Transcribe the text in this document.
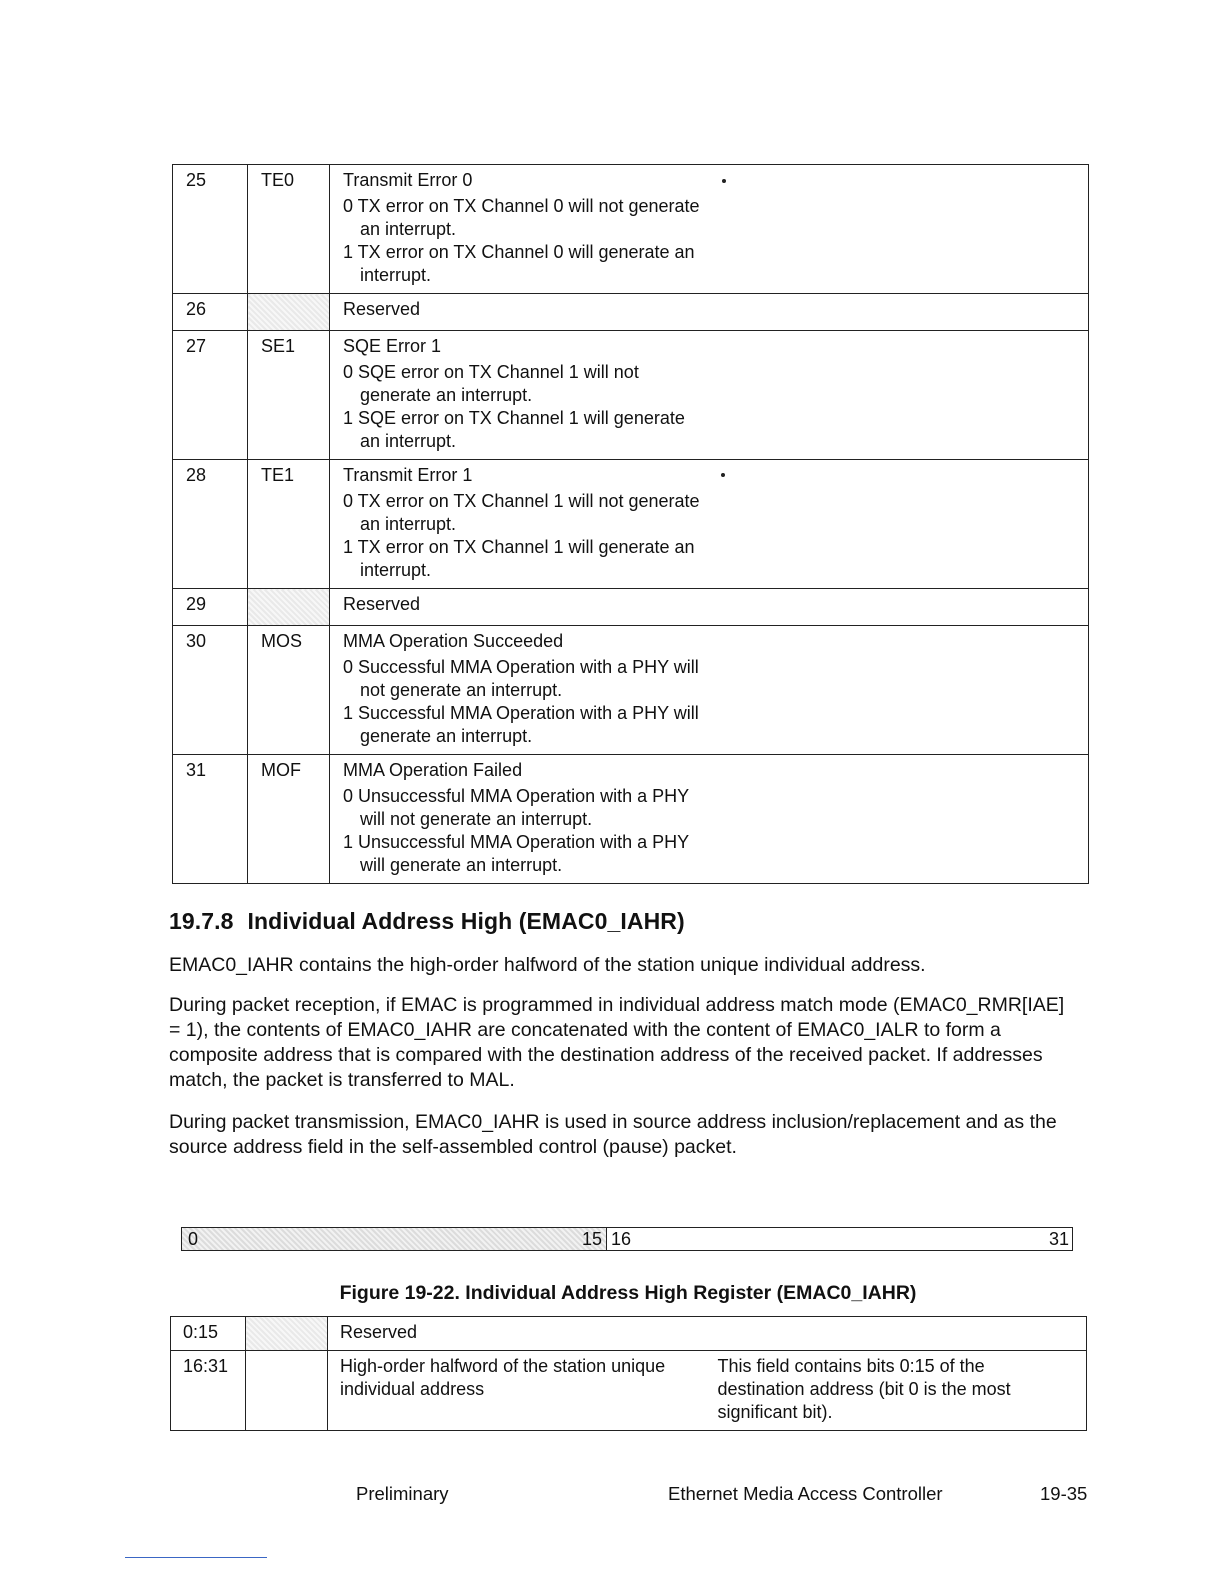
25	TE0	Transmit Error 0
0 TX error on TX Channel 0 will not generate an interrupt.
1 TX error on TX Channel 0 will generate an interrupt.

26		Reserved

27	SE1	SQE Error 1
0 SQE error on TX Channel 1 will not generate an interrupt.
1 SQE error on TX Channel 1 will generate an interrupt.

28	TE1	Transmit Error 1
0 TX error on TX Channel 1 will not generate an interrupt.
1 TX error on TX Channel 1 will generate an interrupt.

29		Reserved

30	MOS	MMA Operation Succeeded
0 Successful MMA Operation with a PHY will not generate an interrupt.
1 Successful MMA Operation with a PHY will generate an interrupt.

31	MOF	MMA Operation Failed
0 Unsuccessful MMA Operation with a PHY will not generate an interrupt.
1 Unsuccessful MMA Operation with a PHY will generate an interrupt.
19.7.8 Individual Address High (EMAC0_IAHR)

EMAC0_IAHR contains the high-order halfword of the station unique individual address.

During packet reception, if EMAC is programmed in individual address match mode (EMAC0_RMR[IAE] = 1), the contents of EMAC0_IAHR are concatenated with the content of EMAC0_IALR to form a composite address that is compared with the destination address of the received packet. If addresses match, the packet is transferred to MAL.

During packet transmission, EMAC0_IAHR is used in source address inclusion/replacement and as the source address field in the self-assembled control (pause) packet.

0	15 16	31
Figure 19-22. Individual Address High Register (EMAC0_IAHR)
0:15		Reserved	
16:31		High-order halfword of the station unique individual address	This field contains bits 0:15 of the destination address (bit 0 is the most significant bit).
Preliminary	Ethernet Media Access Controller	19-35
